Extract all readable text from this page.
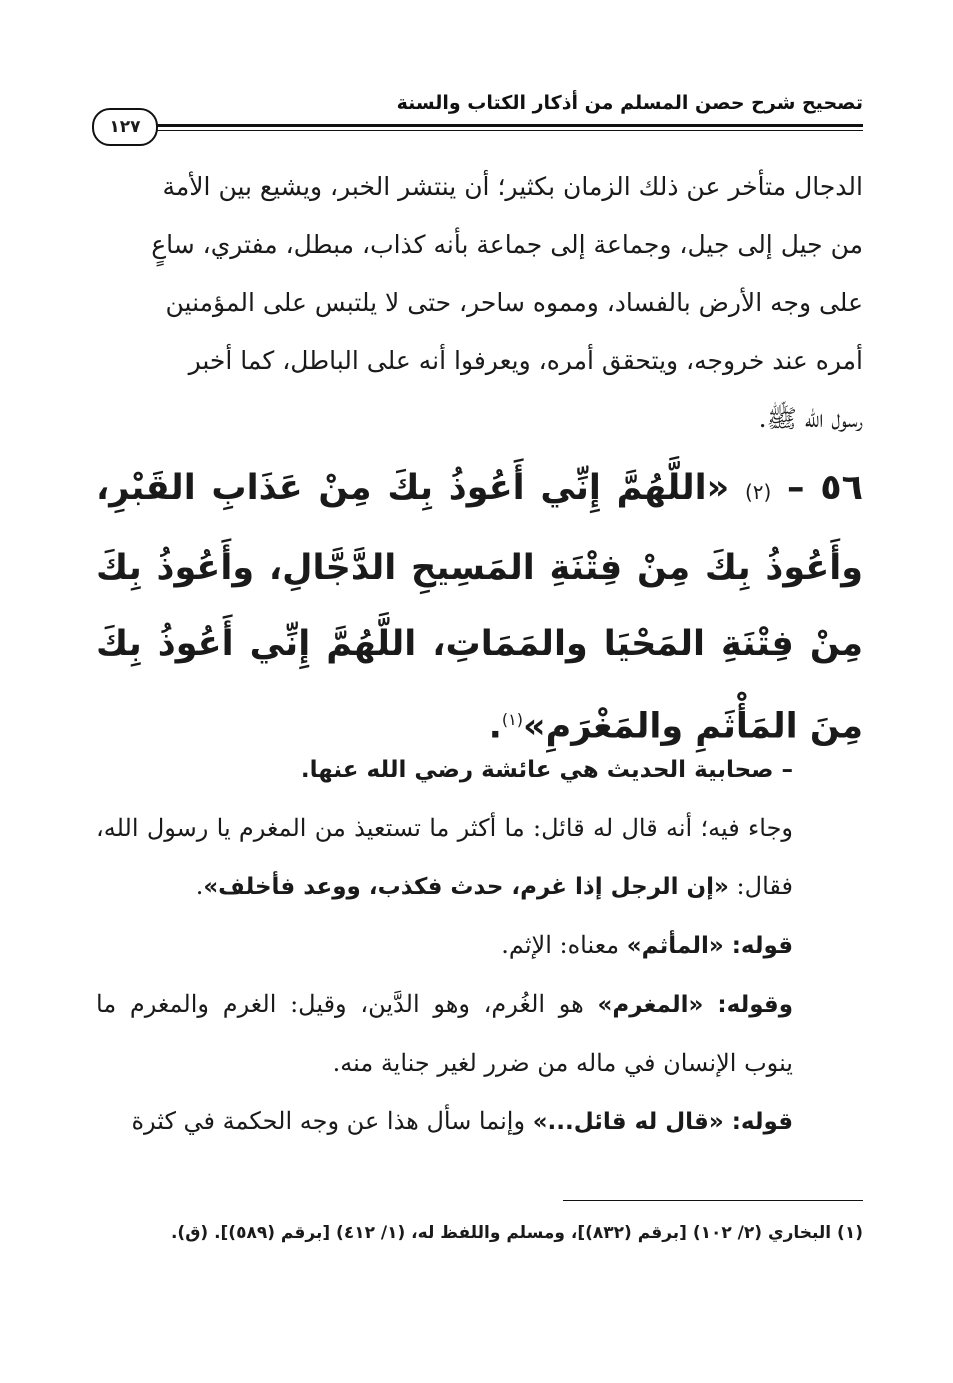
تصحيح شرح حصن المسلم من أذكار الكتاب والسنة
١٢٧

الدجال متأخر عن ذلك الزمان بكثير؛ أن ينتشر الخبر، ويشيع بين الأمة

من جيل إلى جيل، وجماعة إلى جماعة بأنه كذاب، مبطل، مفتري، ساعٍ

على وجه الأرض بالفساد، ومموه ساحر، حتى لا يلتبس على المؤمنين

أمره عند خروجه، ويتحقق أمره، ويعرفوا أنه على الباطل، كما أخبر

رسول الله ﷺ.

٥٦ – (٢) «اللَّهُمَّ إِنِّي أَعُوذُ بِكَ مِنْ عَذَابِ القَبْرِ، وأَعُوذُ بِكَ مِنْ فِتْنَةِ المَسِيحِ الدَّجَّالِ، وأَعُوذُ بِكَ مِنْ فِتْنَةِ المَحْيَا والمَمَاتِ، اللَّهُمَّ إِنِّي أَعُوذُ بِكَ مِنَ المَأْثَمِ والمَغْرَمِ»$^{(١)}$.

– صحابية الحديث هي عائشة رضي الله عنها.

وجاء فيه؛ أنه قال له قائل: ما أكثر ما تستعيذ من المغرم يا رسول الله، فقال: «إن الرجل إذا غرم، حدث فكذب، ووعد فأخلف».

قوله: «المأثم» معناه: الإثم.

وقوله: «المغرم» هو الغُرم، وهو الدَّين، وقيل: الغرم والمغرم ما ينوب الإنسان في ماله من ضرر لغير جناية منه.

قوله: «قال له قائل...» وإنما سأل هذا عن وجه الحكمة في كثرة

(١) البخاري (٢/ ١٠٢) [برقم (٨٣٢)]، ومسلم واللفظ له، (١/ ٤١٢) [برقم (٥٨٩)]. (ق).
